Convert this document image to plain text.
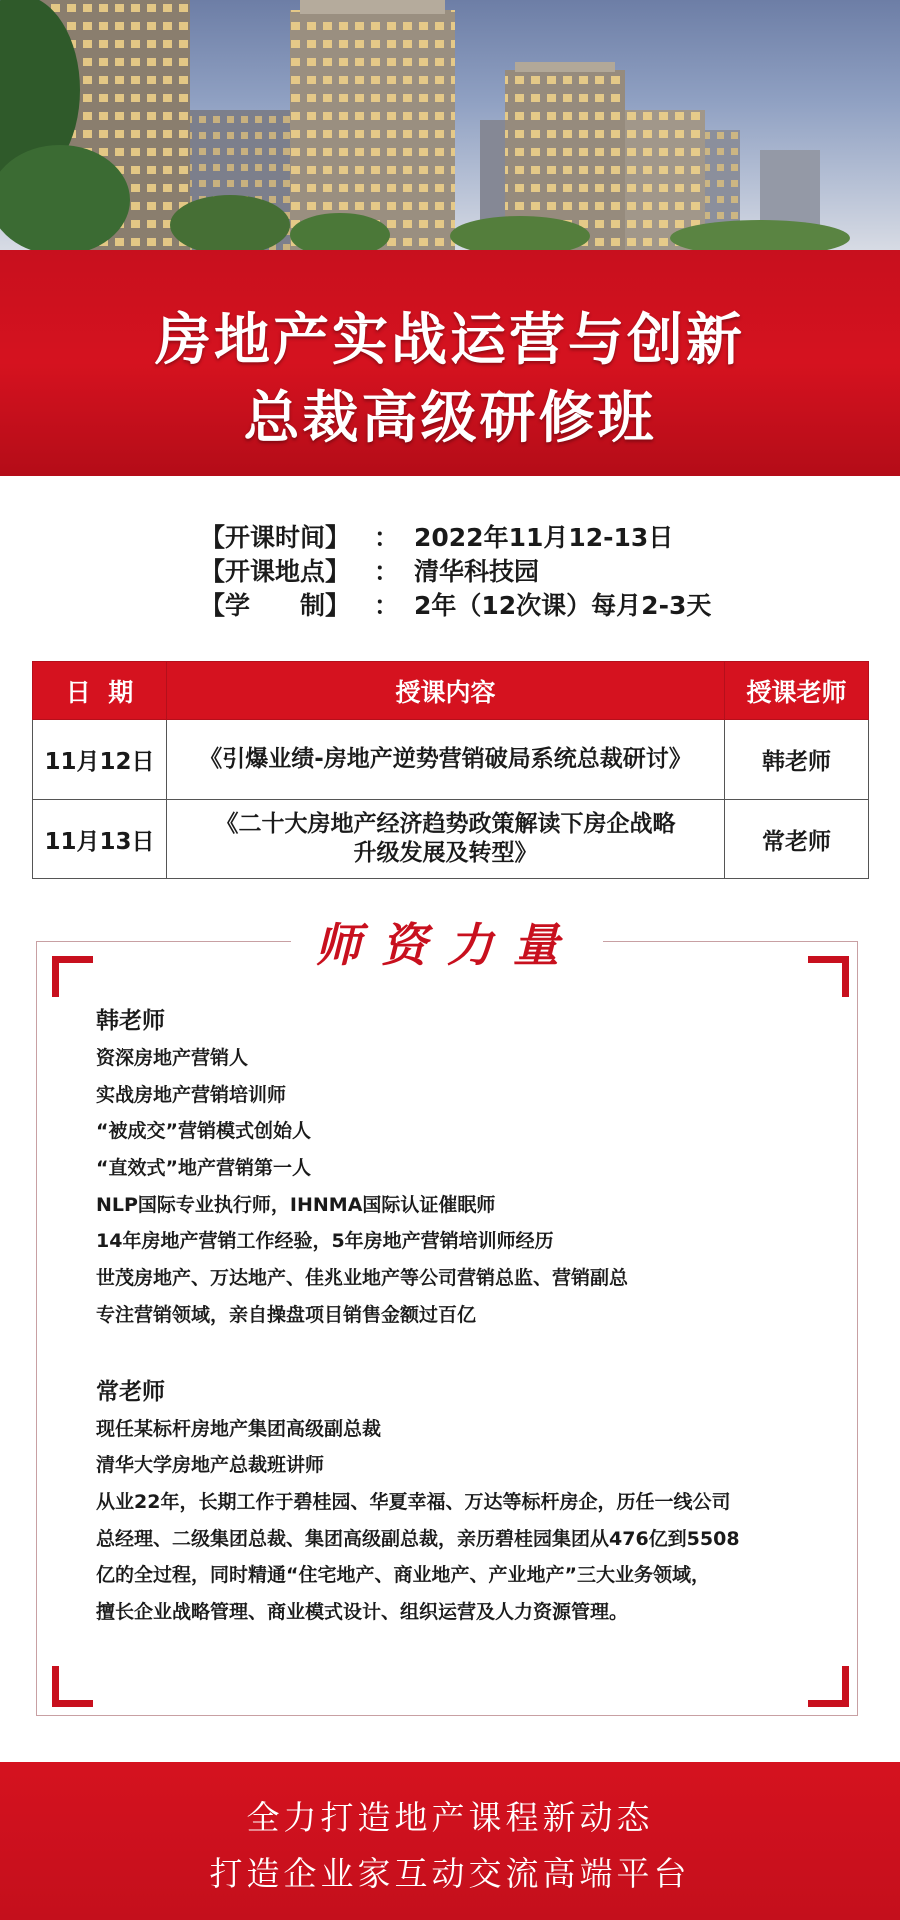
房地产实战运营与创新
总裁高级研修班
【开课时间】 ： 2022年11月12-13日
【开课地点】 ： 清华科技园
【学　　制】 ： 2年（12次课）每月2-3天
日  期	授课内容	授课老师
11月12日	《引爆业绩-房地产逆势营销破局系统总裁研讨》	韩老师
11月13日	《二十大房地产经济趋势政策解读下房企战略
升级发展及转型》	常老师
师资力量
韩老师
资深房地产营销人
实战房地产营销培训师
“被成交”营销模式创始人
“直效式”地产营销第一人
NLP国际专业执行师，IHNMA国际认证催眠师
14年房地产营销工作经验，5年房地产营销培训师经历
世茂房地产、万达地产、佳兆业地产等公司营销总监、营销副总
专注营销领域，亲自操盘项目销售金额过百亿
常老师
现任某标杆房地产集团高级副总裁
清华大学房地产总裁班讲师
从业22年，长期工作于碧桂园、华夏幸福、万达等标杆房企，历任一线公司
总经理、二级集团总裁、集团高级副总裁，亲历碧桂园集团从476亿到5508
亿的全过程，同时精通“住宅地产、商业地产、产业地产”三大业务领域，
擅长企业战略管理、商业模式设计、组织运营及人力资源管理。
全力打造地产课程新动态
打造企业家互动交流高端平台
